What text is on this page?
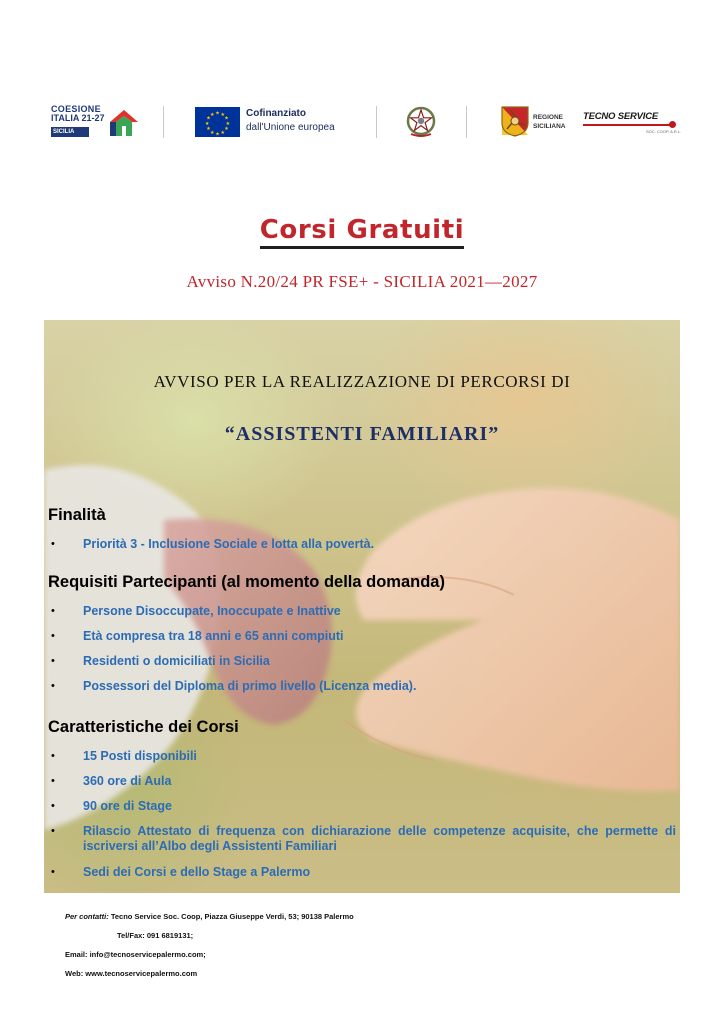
COESIONE
ITALIA 21-27
SICILIA
★ ★
★
★
★
★
★
★
★
★
★
★	Cofinanziato
dall'Unione europea
REGIONE
SICILIANA
TECNO SERVICE
SOC. COOP. A.R.L.
Corsi Gratuiti
Avviso N.20/24 PR FSE+ - SICILIA 2021—2027
AVVISO PER LA REALIZZAZIONE DI PERCORSI DI
“ASSISTENTI FAMILIARI”
Finalità
• Priorità 3 - Inclusione Sociale e lotta alla povertà.
Requisiti Partecipanti (al momento della domanda)
• Persone Disoccupate, Inoccupate e Inattive
• Età compresa tra 18 anni e 65 anni compiuti
• Residenti o domiciliati in Sicilia
• Possessori del Diploma di primo livello (Licenza media).
Caratteristiche dei Corsi
• 15 Posti disponibili
• 360 ore di Aula
• 90 ore di Stage
• Rilascio Attestato di frequenza con dichiarazione delle competenze acquisite, che permette di iscriversi all’Albo degli Assistenti Familiari
• Sedi dei Corsi e dello Stage a Palermo
Per contatti: Tecno Service Soc. Coop, Piazza Giuseppe Verdi, 53; 90138 Palermo
Tel/Fax: 091 6819131;
Email: info@tecnoservicepalermo.com;
Web: www.tecnoservicepalermo.com
